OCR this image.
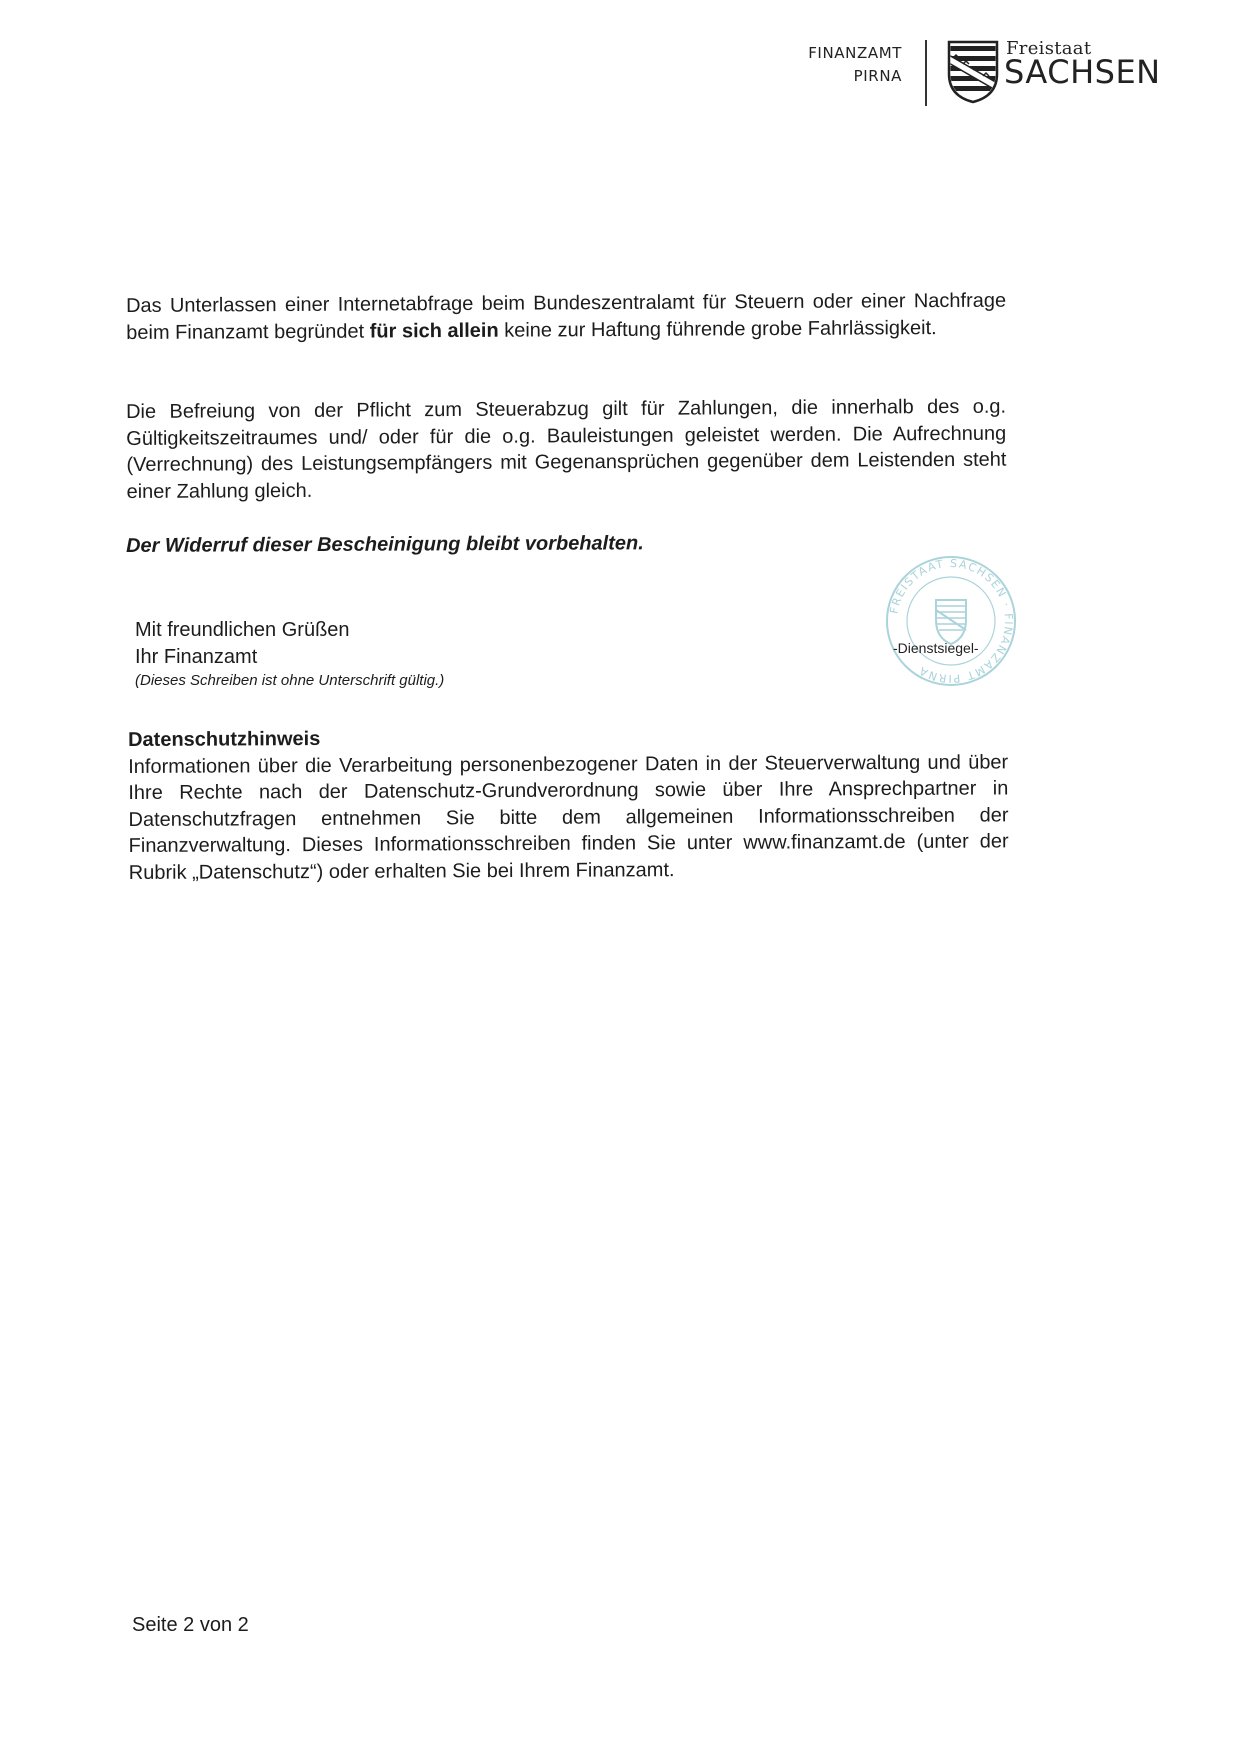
FINANZAMT
PIRNA
Freistaat
SACHSEN
Das Unterlassen einer Internetabfrage beim Bundeszentralamt für Steuern oder einer Nachfrage beim Finanzamt begründet für sich allein keine zur Haftung führende grobe Fahrlässigkeit.
Die Befreiung von der Pflicht zum Steuerabzug gilt für Zahlungen, die innerhalb des o.g. Gültigkeitszeitraumes und/ oder für die o.g. Bauleistungen geleistet werden. Die Aufrechnung (Verrechnung) des Leistungsempfängers mit Gegenansprüchen gegenüber dem Leistenden steht einer Zahlung gleich.
Der Widerruf dieser Bescheinigung bleibt vorbehalten.
Mit freundlichen Grüßen
Ihr Finanzamt
(Dieses Schreiben ist ohne Unterschrift gültig.)
FREISTAAT SACHSEN · FINANZAMT PIRNA
-Dienstsiegel-
Datenschutzhinweis
Informationen über die Verarbeitung personenbezogener Daten in der Steuerverwaltung und über Ihre Rechte nach der Datenschutz-Grundverordnung sowie über Ihre Ansprechpartner in Datenschutzfragen entnehmen Sie bitte dem allgemeinen Informationsschreiben der Finanzverwaltung. Dieses Informationsschreiben finden Sie unter www.finanzamt.de (unter der Rubrik „Datenschutz“) oder erhalten Sie bei Ihrem Finanzamt.
Seite 2 von 2
